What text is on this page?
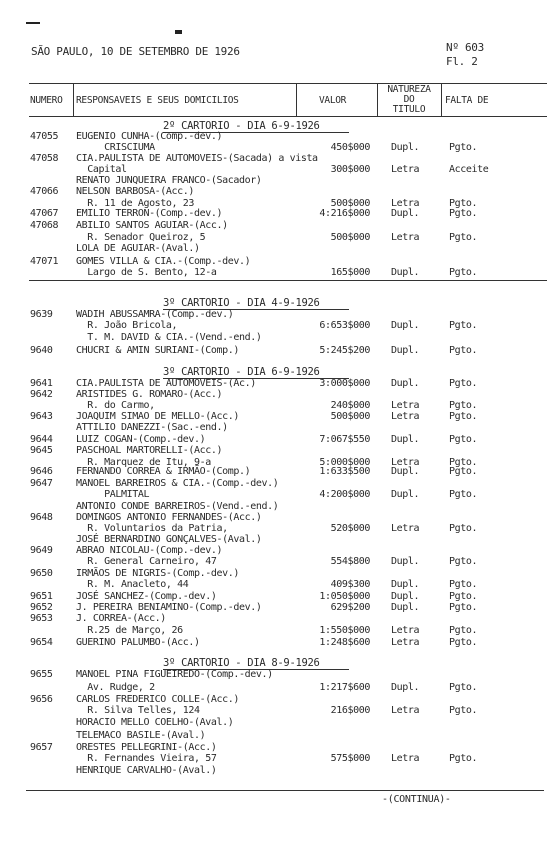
SÃO PAULO, 10 DE SETEMBRO DE 1926	Nº 603
Fl. 2
NUMERO RESPONSAVEIS E SEUS DOMICILIOS	VALOR
NATUREZA
DO
TITULO
FALTA DE
2º CARTORIO - DIA 6-9-1926
47055 EUGENIO CUNHA-(Comp.-dev.)
CRISCIUMA	450$000 Dupl.	Pgto.
47058 CIA.PAULISTA DE AUTOMOVEIS-(Sacada) a vista
Capital	300$000 Letra	Acceite
RENATO JUNQUEIRA FRANCO-(Sacador)
47066 NELSON BARBOSA-(Acc.)
R. 11 de Agosto, 23	500$000 Letra	Pgto.
47067 EMILIO TERRON-(Comp.-dev.)	4:216$000 Dupl.	Pgto.
47068 ABILIO SANTOS AGUIAR-(Acc.)
R. Senador Queiroz, 5	500$000 Letra	Pgto.
LOLA DE AGUIAR-(Aval.)
47071 GOMES VILLA & CIA.-(Comp.-dev.)
Largo de S. Bento, 12-a	165$000 Dupl.	Pgto.
3º CARTORIO - DIA 4-9-1926
9639 WADIH ABUSSAMRA-(Comp.-dev.)
R. João Bricola,	6:653$000 Dupl.	Pgto.
T. M. DAVID & CIA.-(Vend.-end.)
9640 CHUCRI & AMIN SURIANI-(Comp.)	5:245$200 Dupl.	Pgto.
3º CARTORIO - DIA 6-9-1926
9641 CIA.PAULISTA DE AUTOMOVEIS-(Ac.)	3:000$000 Dupl.	Pgto.
9642 ARISTIDES G. ROMARO-(Acc.)
R. do Carmo,	240$000 Letra	Pgto.
9643 JOAQUIM SIMAO DE MELLO-(Acc.)	500$000 Letra	Pgto.
ATTILIO DANEZZI-(Sac.-end.)
9644 LUIZ COGAN-(Comp.-dev.)	7:067$550 Dupl.	Pgto.
9645 PASCHOAL MARTORELLI-(Acc.)
R. Marquez de Itu, 9-a	5:000$000 Letra	Pgto.
9646 FERNANDO CORREA & IRMÃO-(Comp.)	1:633$500 Dupl.	Pgto.
9647 MANOEL BARREIROS & CIA.-(Comp.-dev.)
PALMITAL	4:200$000 Dupl.	Pgto.
ANTONIO CONDE BARREIROS-(Vend.-end.)
9648 DOMINGOS ANTONIO FERNANDES-(Acc.)
R. Voluntarios da Patria,	520$000 Letra	Pgto.
JOSÉ BERNARDINO GONÇALVES-(Aval.)
9649 ABRAO NICOLAU-(Comp.-dev.)
R. General Carneiro, 47	554$800 Dupl.	Pgto.
9650 IRMÃOS DE NIGRIS-(Comp.-dev.)
R. M. Anacleto, 44	409$300 Dupl.	Pgto.
9651 JOSÉ SANCHEZ-(Comp.-dev.)	1:050$000 Dupl.	Pgto.
9652 J. PEREIRA BENIAMINO-(Comp.-dev.)	629$200 Dupl.	Pgto.
9653 J. CORREA-(Acc.)
R.25 de Março, 26	1:550$000 Letra	Pgto.
9654 GUERINO PALUMBO-(Acc.)	1:248$600 Letra	Pgto.
3º CARTORIO - DIA 8-9-1926
9655 MANOEL PINA FIGUEIREDO-(Comp.-dev.)
Av. Rudge, 2	1:217$600 Dupl.	Pgto.
9656 CARLOS FREDERICO COLLE-(Acc.)
R. Silva Telles, 124	216$000 Letra	Pgto.
HORACIO MELLO COELHO-(Aval.)
TELEMACO BASILE-(Aval.)
9657 ORESTES PELLEGRINI-(Acc.)
R. Fernandes Vieira, 57	575$000 Letra	Pgto.
HENRIQUE CARVALHO-(Aval.)
-(CONTINUA)-
